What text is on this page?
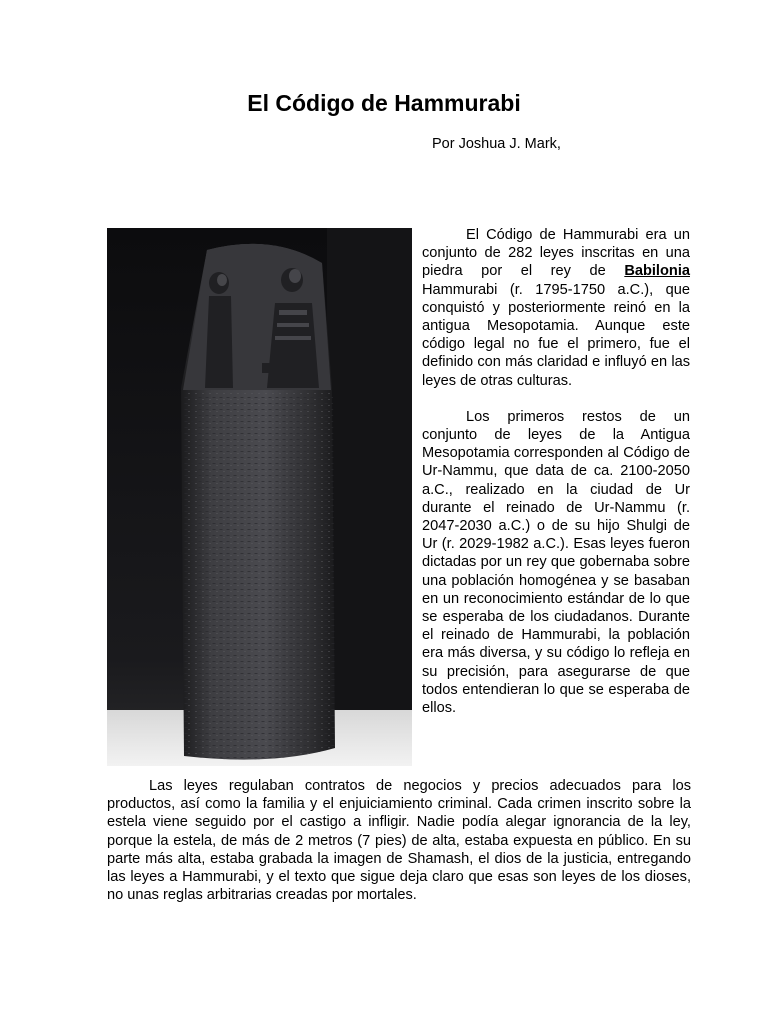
El Código de Hammurabi

Por Joshua J. Mark,

El Código de Hammurabi era un conjunto de 282 leyes inscritas en una piedra por el rey de Babilonia Hammurabi (r. 1795-1750 a.C.), que conquistó y posteriormente reinó en la antigua Mesopotamia. Aunque este código legal no fue el primero, fue el definido con más claridad e influyó en las leyes de otras culturas.

Los primeros restos de un conjunto de leyes de la Antigua Mesopotamia corresponden al Código de Ur-Nammu, que data de ca. 2100-2050 a.C., realizado en la ciudad de Ur durante el reinado de Ur-Nammu (r. 2047-2030 a.C.) o de su hijo Shulgi de Ur (r. 2029-1982 a.C.). Esas leyes fueron dictadas por un rey que gobernaba sobre una población homogénea y se basaban en un reconocimiento estándar de lo que se esperaba de los ciudadanos. Durante el reinado de Hammurabi, la población era más diversa, y su código lo refleja en su precisión, para asegurarse de que todos entendieran lo que se esperaba de ellos.

Las leyes regulaban contratos de negocios y precios adecuados para los productos, así como la familia y el enjuiciamiento criminal. Cada crimen inscrito sobre la estela viene seguido por el castigo a infligir. Nadie podía alegar ignorancia de la ley, porque la estela, de más de 2 metros (7 pies) de alta, estaba expuesta en público. En su parte más alta, estaba grabada la imagen de Shamash, el dios de la justicia, entregando las leyes a Hammurabi, y el texto que sigue deja claro que esas son leyes de los dioses, no unas reglas arbitrarias creadas por mortales.
